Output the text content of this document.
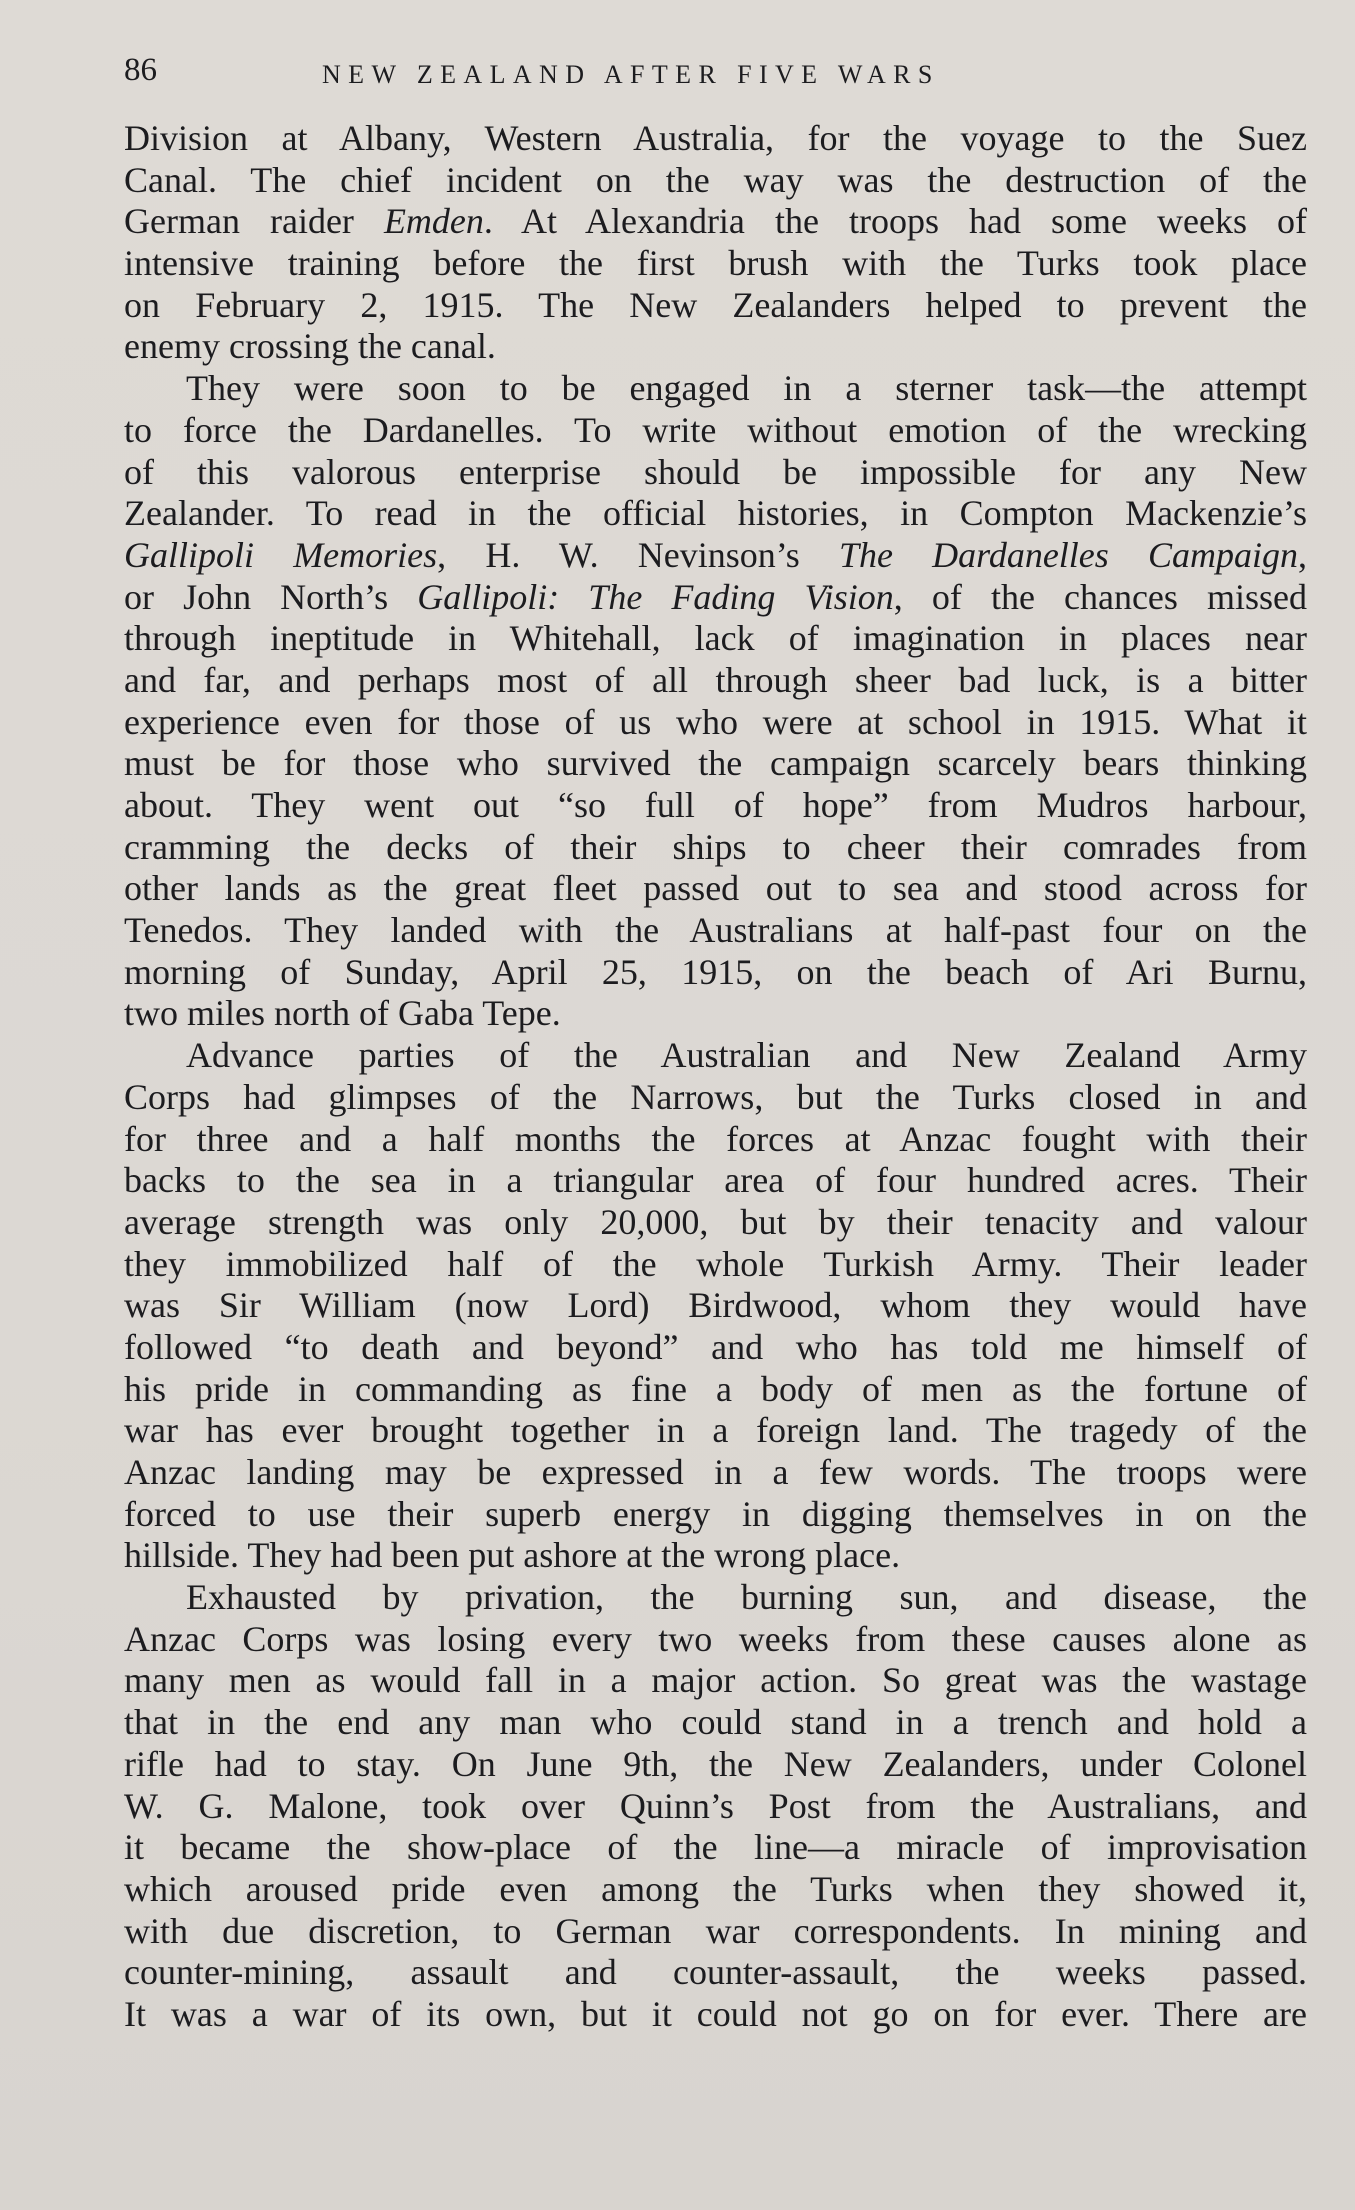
86	NEW ZEALAND AFTER FIVE WARS
Division at Albany, Western Australia, for the voyage to the Suez
Canal. The chief incident on the way was the destruction of the
German raider Emden. At Alexandria the troops had some weeks of
intensive training before the first brush with the Turks took place
on February 2, 1915. The New Zealanders helped to prevent the
enemy crossing the canal.
They were soon to be engaged in a sterner task—the attempt
to force the Dardanelles. To write without emotion of the wrecking
of this valorous enterprise should be impossible for any New
Zealander. To read in the official histories, in Compton Mackenzie’s
Gallipoli Memories, H. W. Nevinson’s The Dardanelles Campaign,
or John North’s Gallipoli: The Fading Vision, of the chances missed
through ineptitude in Whitehall, lack of imagination in places near
and far, and perhaps most of all through sheer bad luck, is a bitter
experience even for those of us who were at school in 1915. What it
must be for those who survived the campaign scarcely bears thinking
about. They went out “so full of hope” from Mudros harbour,
cramming the decks of their ships to cheer their comrades from
other lands as the great fleet passed out to sea and stood across for
Tenedos. They landed with the Australians at half-past four on the
morning of Sunday, April 25, 1915, on the beach of Ari Burnu,
two miles north of Gaba Tepe.
Advance parties of the Australian and New Zealand Army
Corps had glimpses of the Narrows, but the Turks closed in and
for three and a half months the forces at Anzac fought with their
backs to the sea in a triangular area of four hundred acres. Their
average strength was only 20,000, but by their tenacity and valour
they immobilized half of the whole Turkish Army. Their leader
was Sir William (now Lord) Birdwood, whom they would have
followed “to death and beyond” and who has told me himself of
his pride in commanding as fine a body of men as the fortune of
war has ever brought together in a foreign land. The tragedy of the
Anzac landing may be expressed in a few words. The troops were
forced to use their superb energy in digging themselves in on the
hillside. They had been put ashore at the wrong place.
Exhausted by privation, the burning sun, and disease, the
Anzac Corps was losing every two weeks from these causes alone as
many men as would fall in a major action. So great was the wastage
that in the end any man who could stand in a trench and hold a
rifle had to stay. On June 9th, the New Zealanders, under Colonel
W. G. Malone, took over Quinn’s Post from the Australians, and
it became the show-place of the line—a miracle of improvisation
which aroused pride even among the Turks when they showed it,
with due discretion, to German war correspondents. In mining and
counter-mining, assault and counter-assault, the weeks passed.
It was a war of its own, but it could not go on for ever. There are
